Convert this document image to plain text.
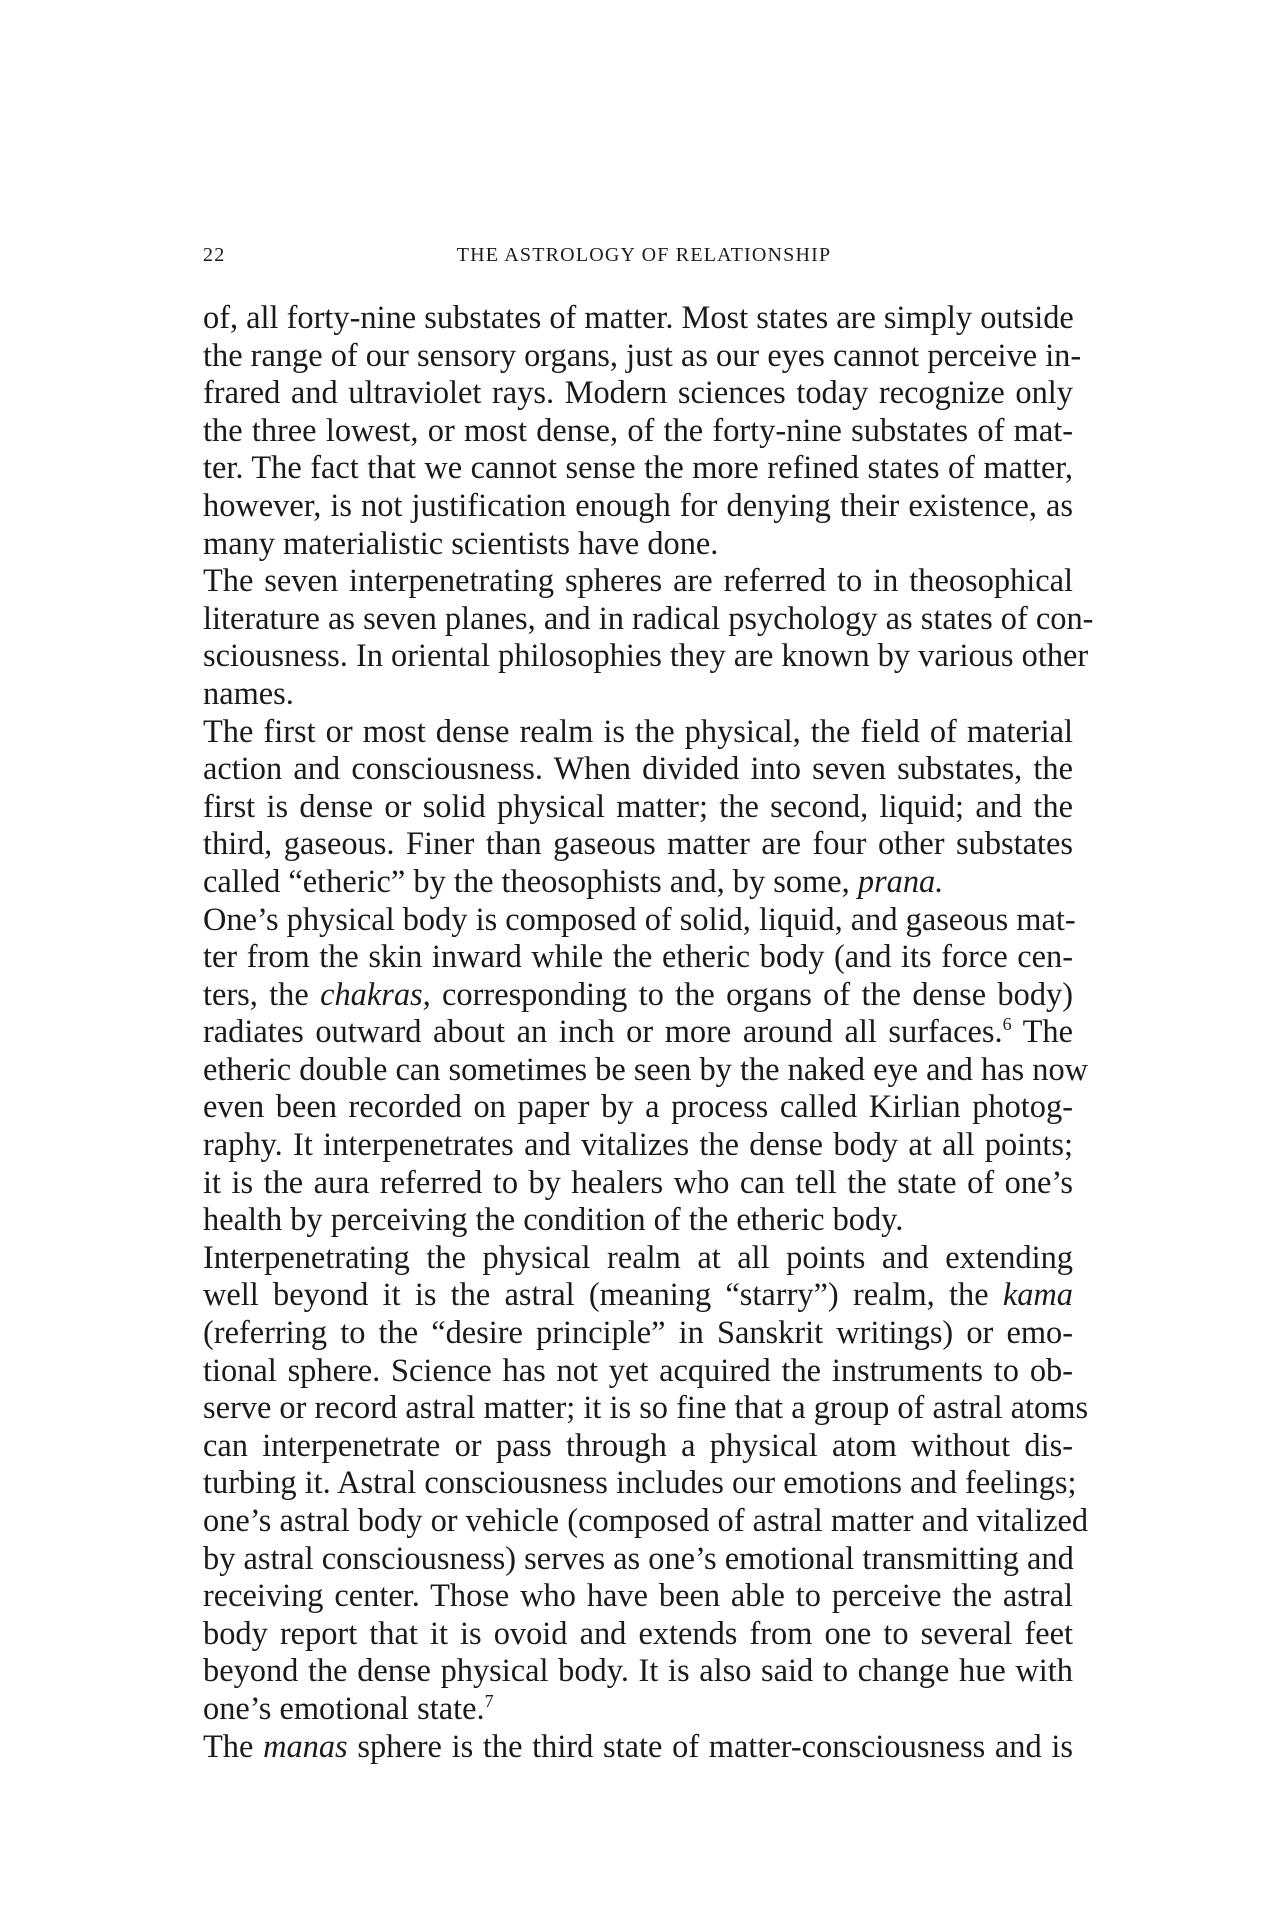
22	THE ASTROLOGY OF RELATIONSHIP
of, all forty-nine substates of matter. Most states are simply outside
the range of our sensory organs, just as our eyes cannot perceive in-
frared and ultraviolet rays. Modern sciences today recognize only
the three lowest, or most dense, of the forty-nine substates of mat-
ter. The fact that we cannot sense the more refined states of matter,
however, is not justification enough for denying their existence, as
many materialistic scientists have done.
The seven interpenetrating spheres are referred to in theosophical
literature as seven planes, and in radical psychology as states of con-
sciousness. In oriental philosophies they are known by various other
names.
The first or most dense realm is the physical, the field of material
action and consciousness. When divided into seven substates, the
first is dense or solid physical matter; the second, liquid; and the
third, gaseous. Finer than gaseous matter are four other substates
called “etheric” by the theosophists and, by some, prana.
One’s physical body is composed of solid, liquid, and gaseous mat-
ter from the skin inward while the etheric body (and its force cen-
ters, the chakras, corresponding to the organs of the dense body)
radiates outward about an inch or more around all surfaces.$^6$ The
etheric double can sometimes be seen by the naked eye and has now
even been recorded on paper by a process called Kirlian photog-
raphy. It interpenetrates and vitalizes the dense body at all points;
it is the aura referred to by healers who can tell the state of one’s
health by perceiving the condition of the etheric body.
Interpenetrating the physical realm at all points and extending
well beyond it is the astral (meaning “starry”) realm, the kama
(referring to the “desire principle” in Sanskrit writings) or emo-
tional sphere. Science has not yet acquired the instruments to ob-
serve or record astral matter; it is so fine that a group of astral atoms
can interpenetrate or pass through a physical atom without dis-
turbing it. Astral consciousness includes our emotions and feelings;
one’s astral body or vehicle (composed of astral matter and vitalized
by astral consciousness) serves as one’s emotional transmitting and
receiving center. Those who have been able to perceive the astral
body report that it is ovoid and extends from one to several feet
beyond the dense physical body. It is also said to change hue with
one’s emotional state.$^7$
The manas sphere is the third state of matter-consciousness and is
